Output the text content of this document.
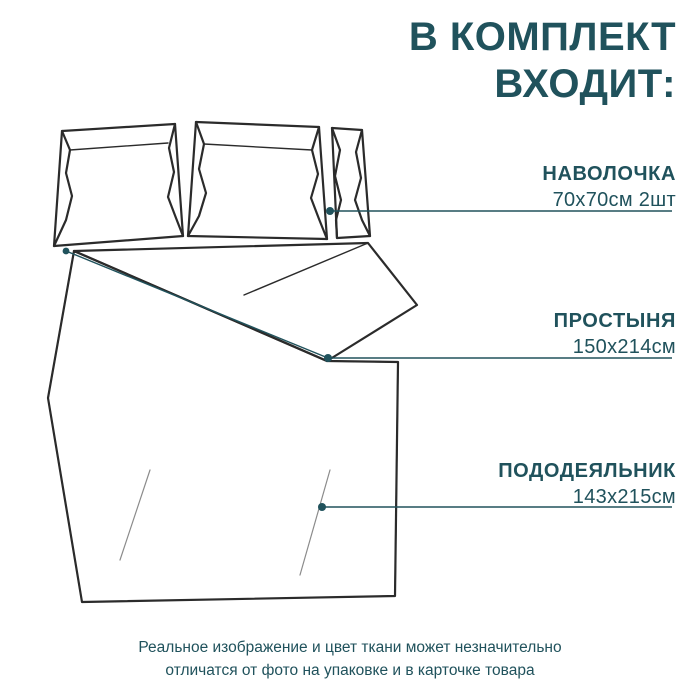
В КОМПЛЕКТ
ВХОДИТ:
НАВОЛОЧКА
70х70см 2шт
ПРОСТЫНЯ
150х214см
ПОДОДЕЯЛЬНИК
143х215см
Реальное изображение и цвет ткани может незначительно
отличатся от фото на упаковке и в карточке товара
